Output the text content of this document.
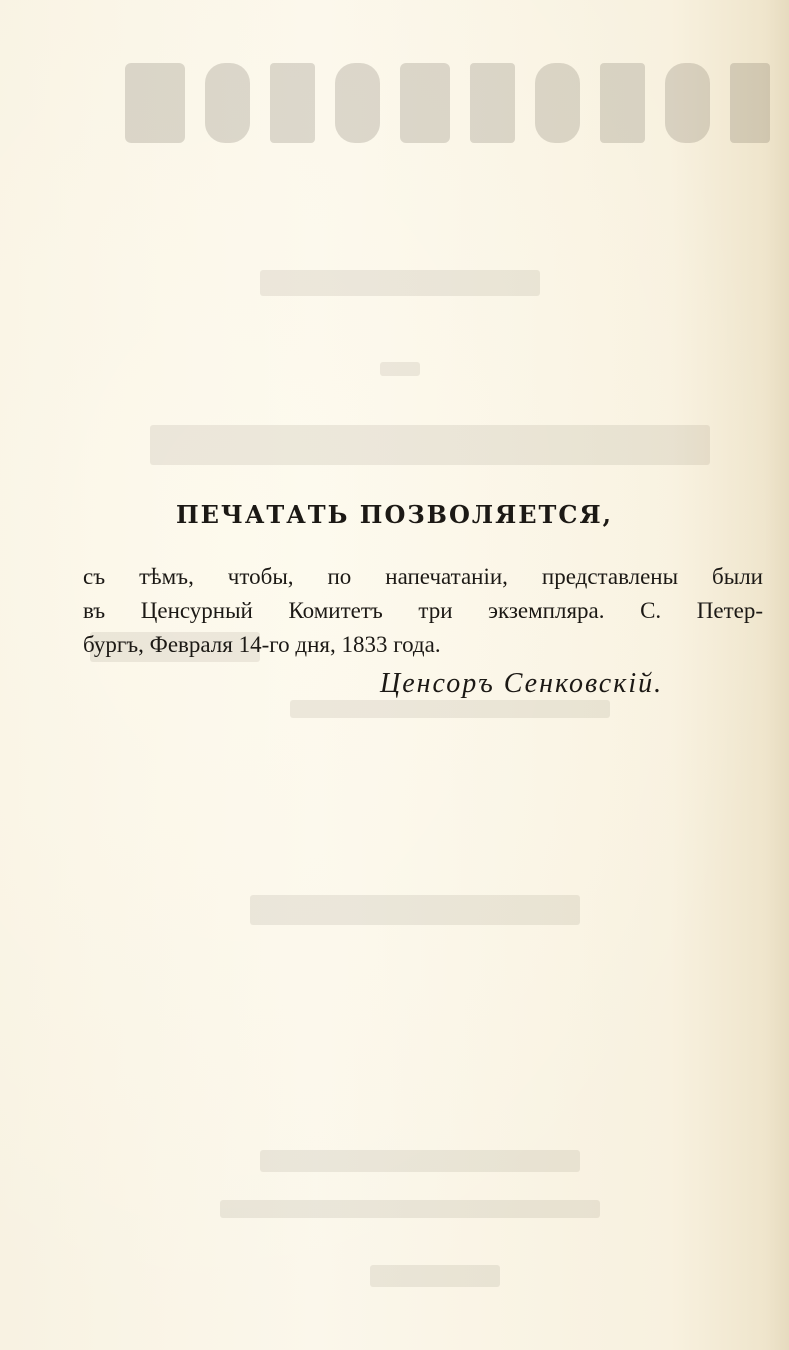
ПЕЧАТАТЬ ПОЗВОЛЯЕТСЯ,
съ тѣмъ, чтобы, по напечатаніи, представлены были
въ Ценсурный Комитетъ три экземпляра. С. Петер-
бургъ, Февраля 14-го дня, 1833 года.
Ценсоръ Сенковскій.
